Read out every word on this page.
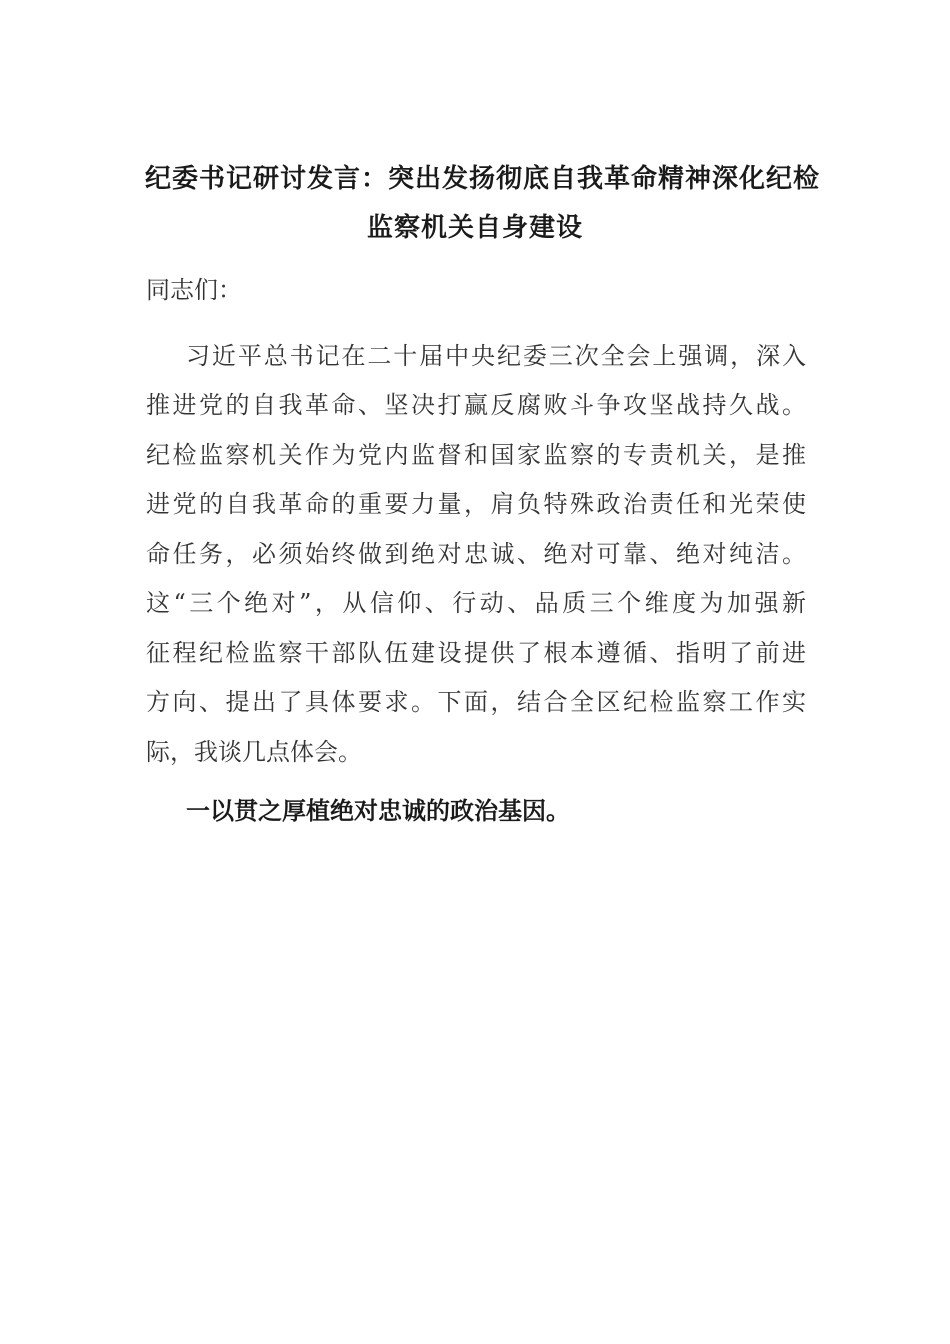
纪委书记研讨发言：突出发扬彻底自我革命精神深化纪检
监察机关自身建设
同志们：
习近平总书记在二十届中央纪委三次全会上强调，深入
推进党的自我革命、坚决打赢反腐败斗争攻坚战持久战。
纪检监察机关作为党内监督和国家监察的专责机关，是推
进党的自我革命的重要力量，肩负特殊政治责任和光荣使
命任务，必须始终做到绝对忠诚、绝对可靠、绝对纯洁。
这“三个绝对”，从信仰、行动、品质三个维度为加强新
征程纪检监察干部队伍建设提供了根本遵循、指明了前进
方向、提出了具体要求。下面，结合全区纪检监察工作实
际，我谈几点体会。
一以贯之厚植绝对忠诚的政治基因。
